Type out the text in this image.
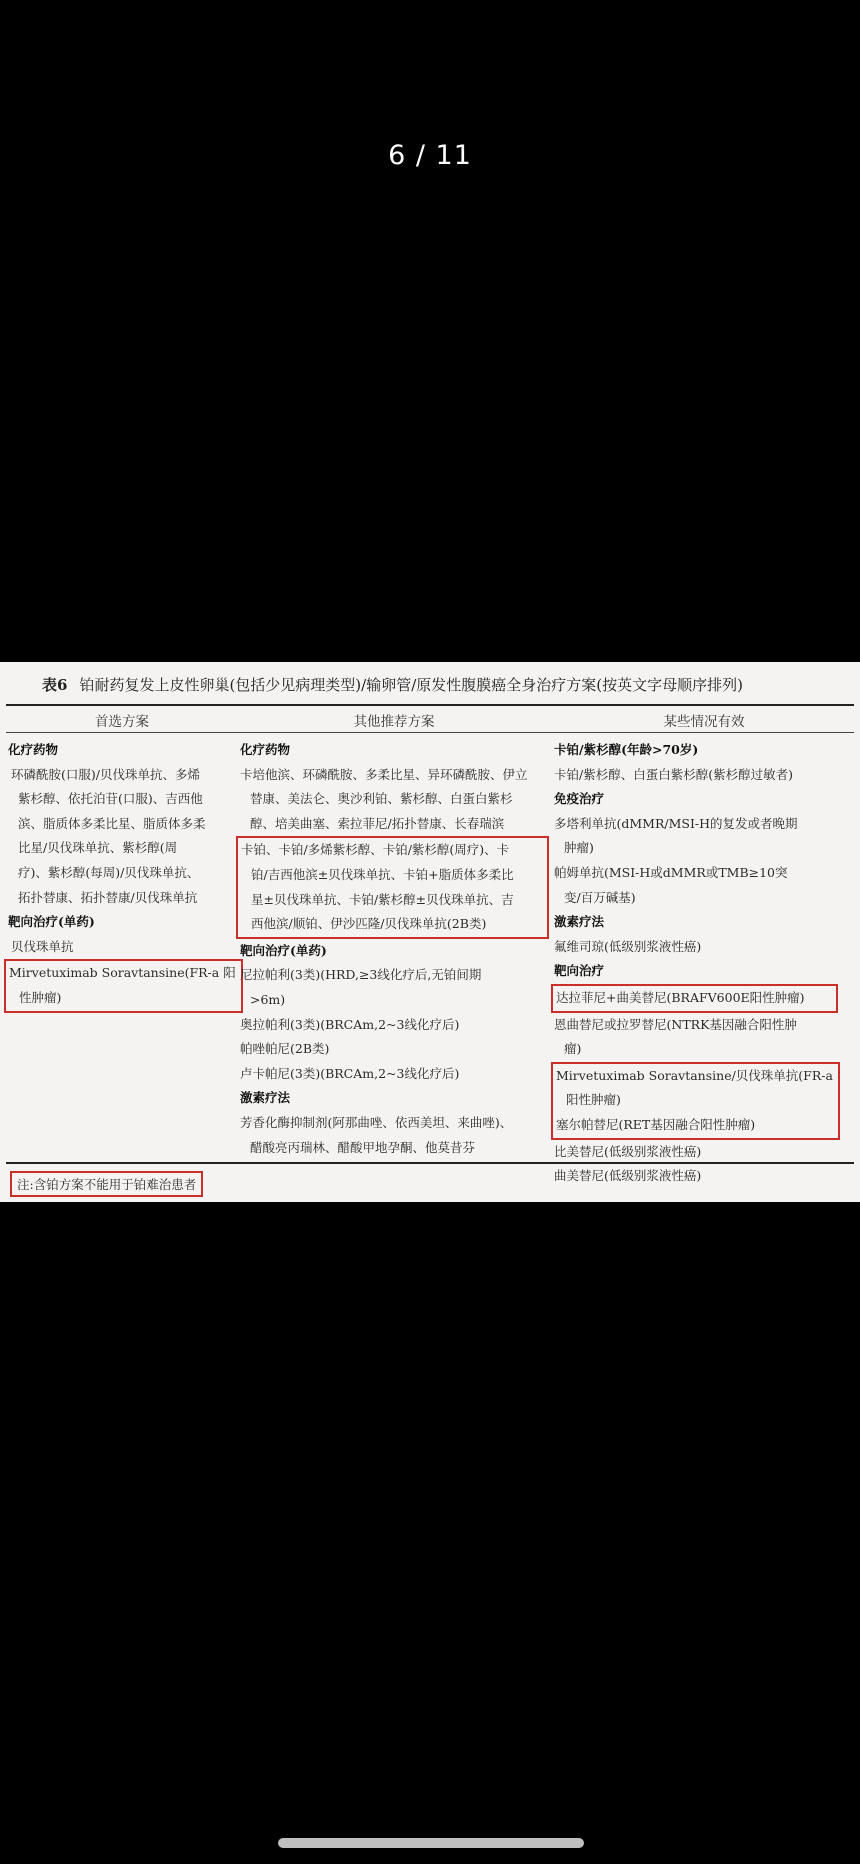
6 / 11
表6 铂耐药复发上皮性卵巢(包括少见病理类型)/输卵管/原发性腹膜癌全身治疗方案(按英文字母顺序排列)
首选方案	其他推荐方案	某些情况有效
化疗药物
环磷酰胺(口服)/贝伐珠单抗、多烯
紫杉醇、依托泊苷(口服)、吉西他
滨、脂质体多柔比星、脂质体多柔
比星/贝伐珠单抗、紫杉醇(周
疗)、紫杉醇(每周)/贝伐珠单抗、
拓扑替康、拓扑替康/贝伐珠单抗
靶向治疗(单药)
贝伐珠单抗
Mirvetuximab Soravtansine(FR-a 阳
性肿瘤)
化疗药物
卡培他滨、环磷酰胺、多柔比星、异环磷酰胺、伊立
替康、美法仑、奥沙利铂、紫杉醇、白蛋白紫杉
醇、培美曲塞、索拉菲尼/拓扑替康、长春瑞滨
卡铂、卡铂/多烯紫杉醇、卡铂/紫杉醇(周疗)、卡
铂/吉西他滨±贝伐珠单抗、卡铂+脂质体多柔比
星±贝伐珠单抗、卡铂/紫杉醇±贝伐珠单抗、吉
西他滨/顺铂、伊沙匹隆/贝伐珠单抗(2B类)
靶向治疗(单药)
尼拉帕利(3类)(HRD,≥3线化疗后,无铂间期
>6m)
奥拉帕利(3类)(BRCAm,2~3线化疗后)
帕唑帕尼(2B类)
卢卡帕尼(3类)(BRCAm,2~3线化疗后)
激素疗法
芳香化酶抑制剂(阿那曲唑、依西美坦、来曲唑)、
醋酸亮丙瑞林、醋酸甲地孕酮、他莫昔芬
卡铂/紫杉醇(年龄>70岁)
卡铂/紫杉醇、白蛋白紫杉醇(紫杉醇过敏者)
免疫治疗
多塔利单抗(dMMR/MSI-H的复发或者晚期
肿瘤)
帕姆单抗(MSI-H或dMMR或TMB≥10突
变/百万碱基)
激素疗法
氟维司琼(低级别浆液性癌)
靶向治疗
达拉菲尼+曲美替尼(BRAFV600E阳性肿瘤)
恩曲替尼或拉罗替尼(NTRK基因融合阳性肿
瘤)
Mirvetuximab Soravtansine/贝伐珠单抗(FR-a
阳性肿瘤)
塞尔帕替尼(RET基因融合阳性肿瘤)
比美替尼(低级别浆液性癌)
曲美替尼(低级别浆液性癌)
注:含铂方案不能用于铂难治患者
